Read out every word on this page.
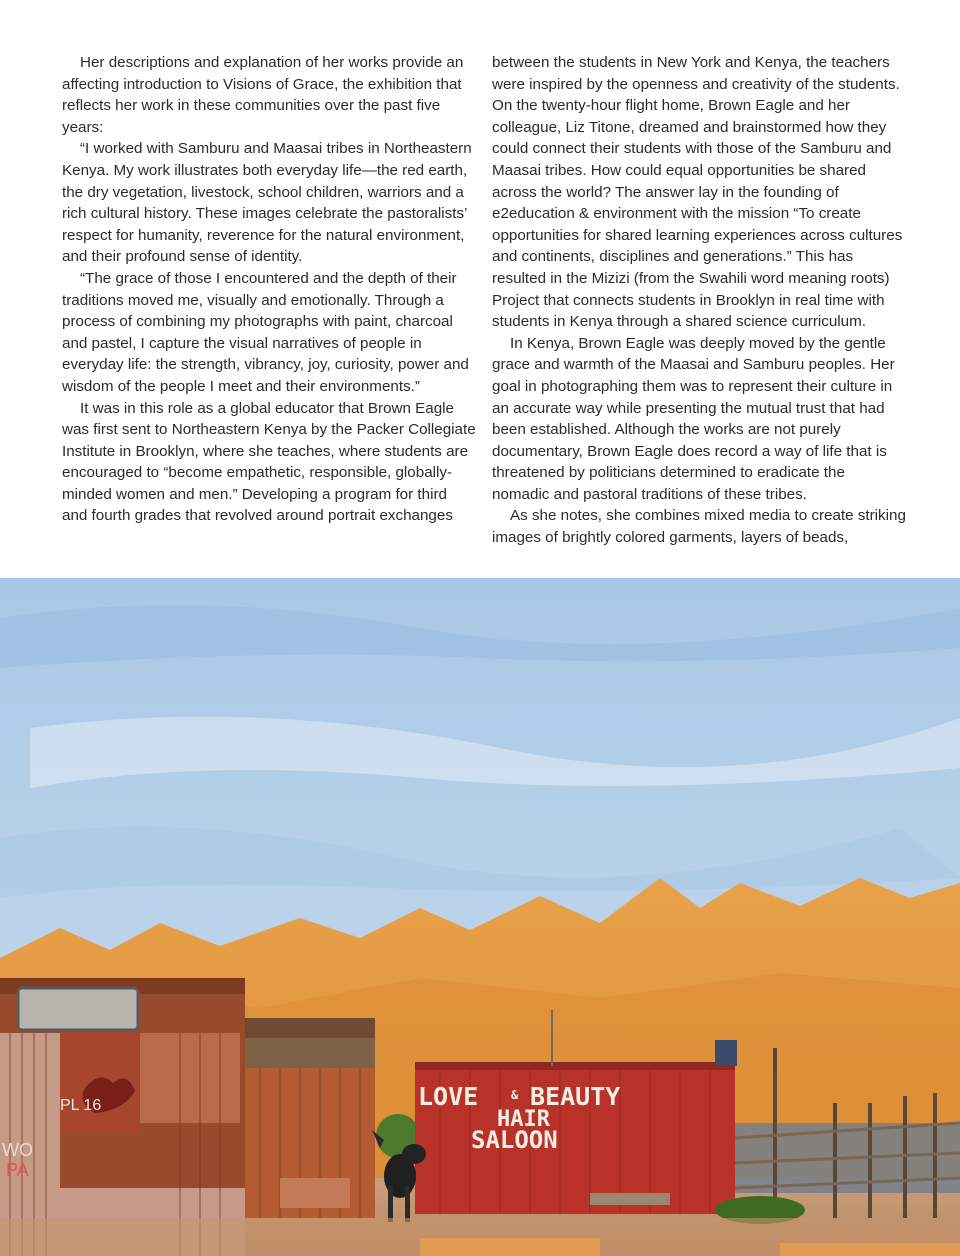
Her descriptions and explanation of her works provide an affecting introduction to Visions of Grace, the exhibition that reflects her work in these communities over the past five years:

“I worked with Samburu and Maasai tribes in Northeastern Kenya. My work illustrates both everyday life—the red earth, the dry vegetation, livestock, school children, warriors and a rich cultural history. These images celebrate the pastoralists’ respect for humanity, reverence for the natural environment, and their profound sense of identity.

“The grace of those I encountered and the depth of their traditions moved me, visually and emotionally. Through a process of combining my photographs with paint, charcoal and pastel, I capture the visual narratives of people in everyday life: the strength, vibrancy, joy, curiosity, power and wisdom of the people I meet and their environments.”

It was in this role as a global educator that Brown Eagle was first sent to Northeastern Kenya by the Packer Collegiate Institute in Brooklyn, where she teaches, where students are encouraged to “become empathetic, responsible, globally-minded women and men.” Developing a program for third and fourth grades that revolved around portrait exchanges

between the students in New York and Kenya, the teachers were inspired by the openness and creativity of the students. On the twenty-hour flight home, Brown Eagle and her colleague, Liz Titone, dreamed and brainstormed how they could connect their students with those of the Samburu and Maasai tribes. How could equal opportunities be shared across the world? The answer lay in the founding of e2education & environment with the mission “To create opportunities for shared learning experiences across cultures and continents, disciplines and generations.” This has resulted in the Mizizi (from the Swahili word meaning roots) Project that connects students in Brooklyn in real time with students in Kenya through a shared science curriculum.

In Kenya, Brown Eagle was deeply moved by the gentle grace and warmth of the Maasai and Samburu peoples. Her goal in photographing them was to represent their culture in an accurate way while presenting the mutual trust that had been established. Although the works are not purely documentary, Brown Eagle does record a way of life that is threatened by politicians determined to eradicate the nomadic and pastoral traditions of these tribes.

As she notes, she combines mixed media to create striking images of brightly colored garments, layers of beads,

PL 16
WO
PA
LOVE	& BEAUTY
HAIR
SALOON
